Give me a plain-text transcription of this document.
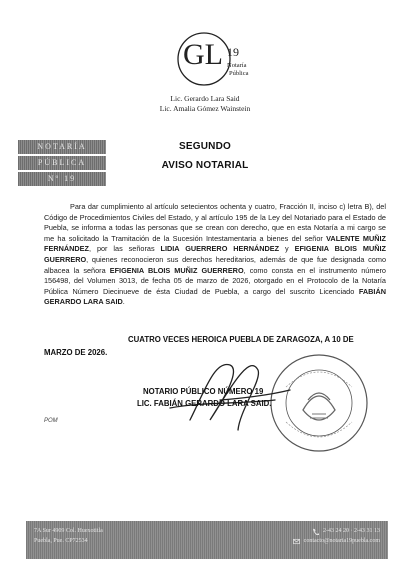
GL 19
Notaría
Pública
Lic. Gerardo Lara Said
Lic. Amalia Gómez Wainstein
NOTARÍA
PÚBLICA
Nº 19
SEGUNDO
AVISO NOTARIAL

Para dar cumplimiento al artículo setecientos ochenta y cuatro, Fracción II, inciso c) letra B), del Código de Procedimientos Civiles del Estado, y al artículo 195 de la Ley del Notariado para el Estado de Puebla, se informa a todas las personas que se crean con derecho, que en esta Notaría a mi cargo se me ha solicitado la Tramitación de la Sucesión Intestamentaria a bienes del señor VALENTE MUÑIZ FERNÁNDEZ, por las señoras LIDIA GUERRERO HERNÁNDEZ y EFIGENIA BLOIS MUÑIZ GUERRERO, quienes reconocieron sus derechos hereditarios, además de que fue designada como albacea la señora EFIGENIA BLOIS MUÑIZ GUERRERO, como consta en el instrumento número 156498, del Volumen 3013, de fecha 05 de marzo de 2026, otorgado en el Protocolo de la Notaría Pública Número Diecinueve de ésta Ciudad de Puebla, a cargo del suscrito Licenciado FABIÁN GERARDO LARA SAID.

CUATRO VECES HEROICA PUEBLA DE ZARAGOZA, A 10 DE
MARZO DE 2026.
NOTARIO PÚBLICO NÚMERO 19
LIC. FABIÁN GERARDO LARA SAID.
POM
7A Sur 4909 Col. Huexotitla
Puebla, Pue. CP72534
2-43 24 20 · 2-43 31 13
contacto@notaria19puebla.com
